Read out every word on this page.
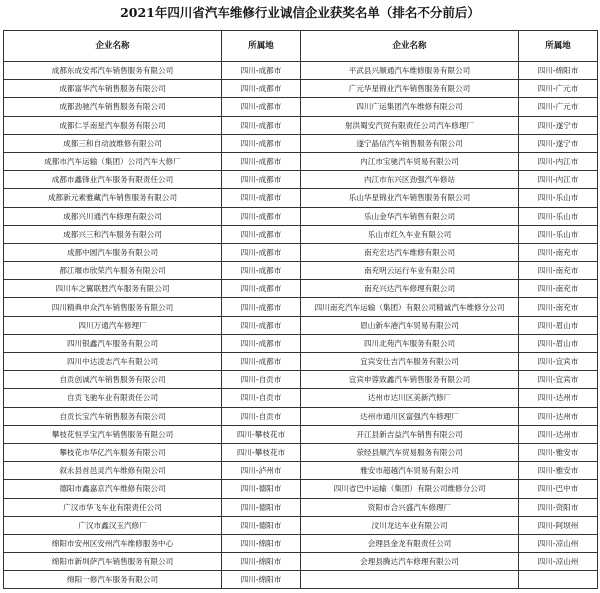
2021年四川省汽车维修行业诚信企业获奖名单（排名不分前后）
企业名称	所属地	企业名称	所属地
成都东成安邦汽车销售服务有限公司	四川-成都市	平武县兴顺通汽车维修服务有限公司	四川-绵阳市
成都富华汽车销售服务有限公司	四川-成都市	广元华星锦业汽车销售服务有限公司	四川-广元市
成都劲驰汽车销售服务有限公司	四川-成都市	四川广运集团汽车维修有限公司	四川-广元市
成都仁孚南星汽车服务有限公司	四川-成都市	射洪蜀安汽贸有限责任公司汽车修理厂	四川-遂宁市
成都三和自动波维修有限公司	四川-成都市	遂宁晶信汽车销售服务有限公司	四川-遂宁市
成都市汽车运输（集团）公司汽车大修厂	四川-成都市	内江市宝驰汽车贸易有限公司	四川-内江市
成都市鑫锋业汽车服务有限责任公司	四川-成都市	内江市东兴区劲强汽车修站	四川-内江市
成都新元素雅藏汽车销售服务有限公司	四川-成都市	乐山华星锦业汽车销售服务有限公司	四川-乐山市
成都兴川通汽车修理有限公司	四川-成都市	乐山金华汽车销售有限公司	四川-乐山市
成都兴三和汽车服务有限公司	四川-成都市	乐山市红久车业有限公司	四川-乐山市
成都中圆汽车服务有限公司	四川-成都市	南充宏达汽车维修有限公司	四川-南充市
都江堰市欣荣汽车服务有限公司	四川-成都市	南充明云运行车业有限公司	四川-南充市
四川车之翼联胜汽车服务有限公司	四川-成都市	南充兴达汽车修理有限公司	四川-南充市
四川精典申众汽车销售服务有限公司	四川-成都市	四川南充汽车运输（集团）有限公司精诚汽车维修分公司	四川-南充市
四川万通汽车修理厂	四川-成都市	眉山新车港汽车贸易有限公司	四川-眉山市
四川银鑫汽车服务有限公司	四川-成都市	四川北苑汽车服务有限公司	四川-眉山市
四川中达凌志汽车有限公司	四川-成都市	宜宾安仕吉汽车服务有限公司	四川-宜宾市
自贡创诚汽车销售服务有限公司	四川-自贡市	宜宾申蓉致鑫汽车销售服务有限公司	四川-宜宾市
自贡飞驰车业有限责任公司	四川-自贡市	达州市达川区美新汽修厂	四川-达州市
自贡长宝汽车销售服务有限公司	四川-自贡市	达州市通川区富强汽车修理厂	四川-达州市
攀枝花恒孚宝汽车销售服务有限公司	四川-攀枝花市	开江县新吉益汽车销售有限公司	四川-达州市
攀枝花市华亿汽车服务有限公司	四川-攀枝花市	荥经县顺汽车贸易服务有限公司	四川-雅安市
叙永县首邑灵汽车维修有限公司	四川-泸州市	雅安市超越汽车贸易有限公司	四川-雅安市
德阳市鑫嘉京汽车维修有限公司	四川-德阳市	四川省巴中运输（集团）有限公司维修分公司	四川-巴中市
广汉市华飞车业有限责任公司	四川-德阳市	资阳市合兴盛汽车修理厂	四川-资阳市
广汉市鑫汉玉汽修厂	四川-德阳市	汶川龙达车业有限公司	四川-阿坝州
绵阳市安州区安州汽车维修服务中心	四川-绵阳市	会理县金龙有限责任公司	四川-凉山州
绵阳市新圳萨汽车销售服务有限公司	四川-绵阳市	会理县腾达汽车修理有限公司	四川-凉山州
绵阳一修汽车服务有限公司	四川-绵阳市		
